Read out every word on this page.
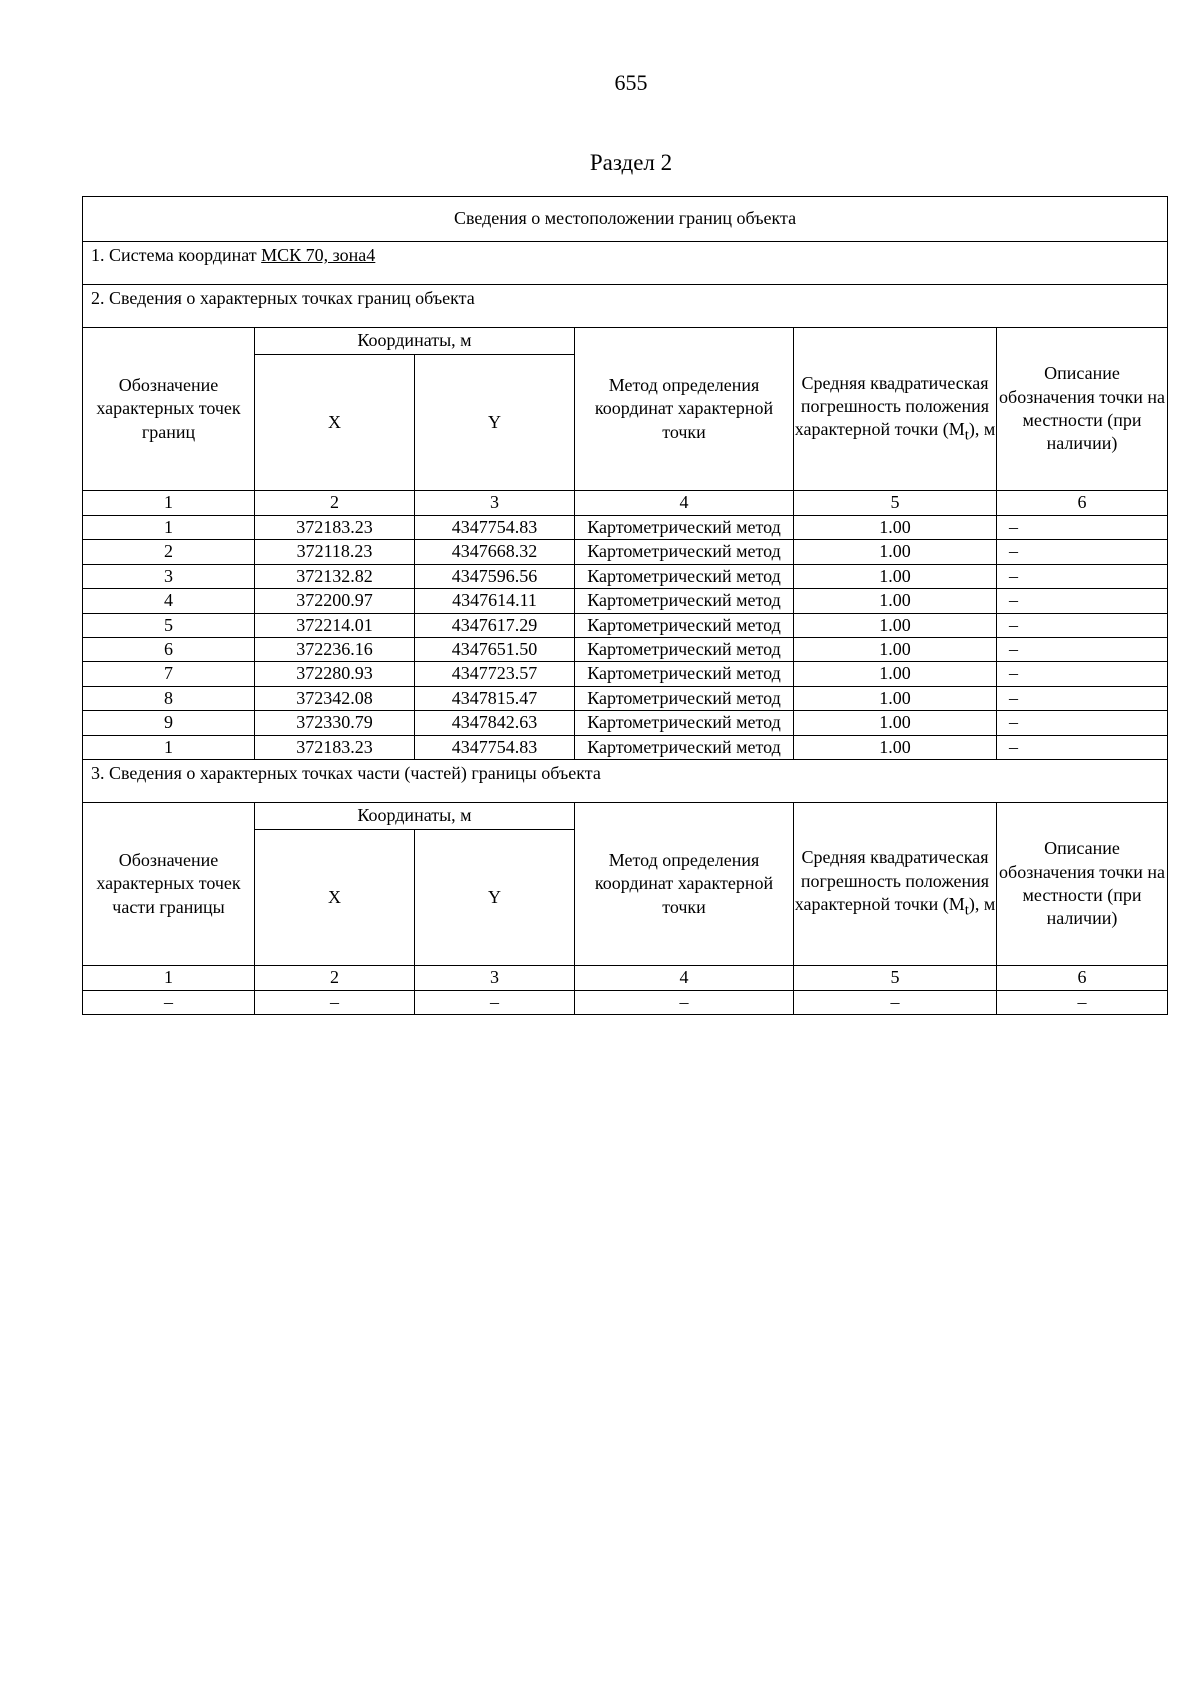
655
Раздел 2
Сведения о местоположении границ объекта					
1. Система координат МСК 70, зона4					
2. Сведения о характерных точках границ объекта					
Обозначение характерных точек границ	Координаты, м		Метод определения координат характерной точки	Средняя квадратическая погрешность положения характерной точки $(M_t)$, м	Описание обозначения точки на местности (при наличии)
	X	Y			
1	2	3	4	5	6
1	372183.23	4347754.83	Картометрический метод	1.00	–
2	372118.23	4347668.32	Картометрический метод	1.00	–
3	372132.82	4347596.56	Картометрический метод	1.00	–
4	372200.97	4347614.11	Картометрический метод	1.00	–
5	372214.01	4347617.29	Картометрический метод	1.00	–
6	372236.16	4347651.50	Картометрический метод	1.00	–
7	372280.93	4347723.57	Картометрический метод	1.00	–
8	372342.08	4347815.47	Картометрический метод	1.00	–
9	372330.79	4347842.63	Картометрический метод	1.00	–
1	372183.23	4347754.83	Картометрический метод	1.00	–
3. Сведения о характерных точках части (частей) границы объекта					
Обозначение характерных точек части границы	Координаты, м		Метод определения координат характерной точки	Средняя квадратическая погрешность положения характерной точки $(M_t)$, м	Описание обозначения точки на местности (при наличии)
	X	Y			
1	2	3	4	5	6
–	–	–	–	–	–
